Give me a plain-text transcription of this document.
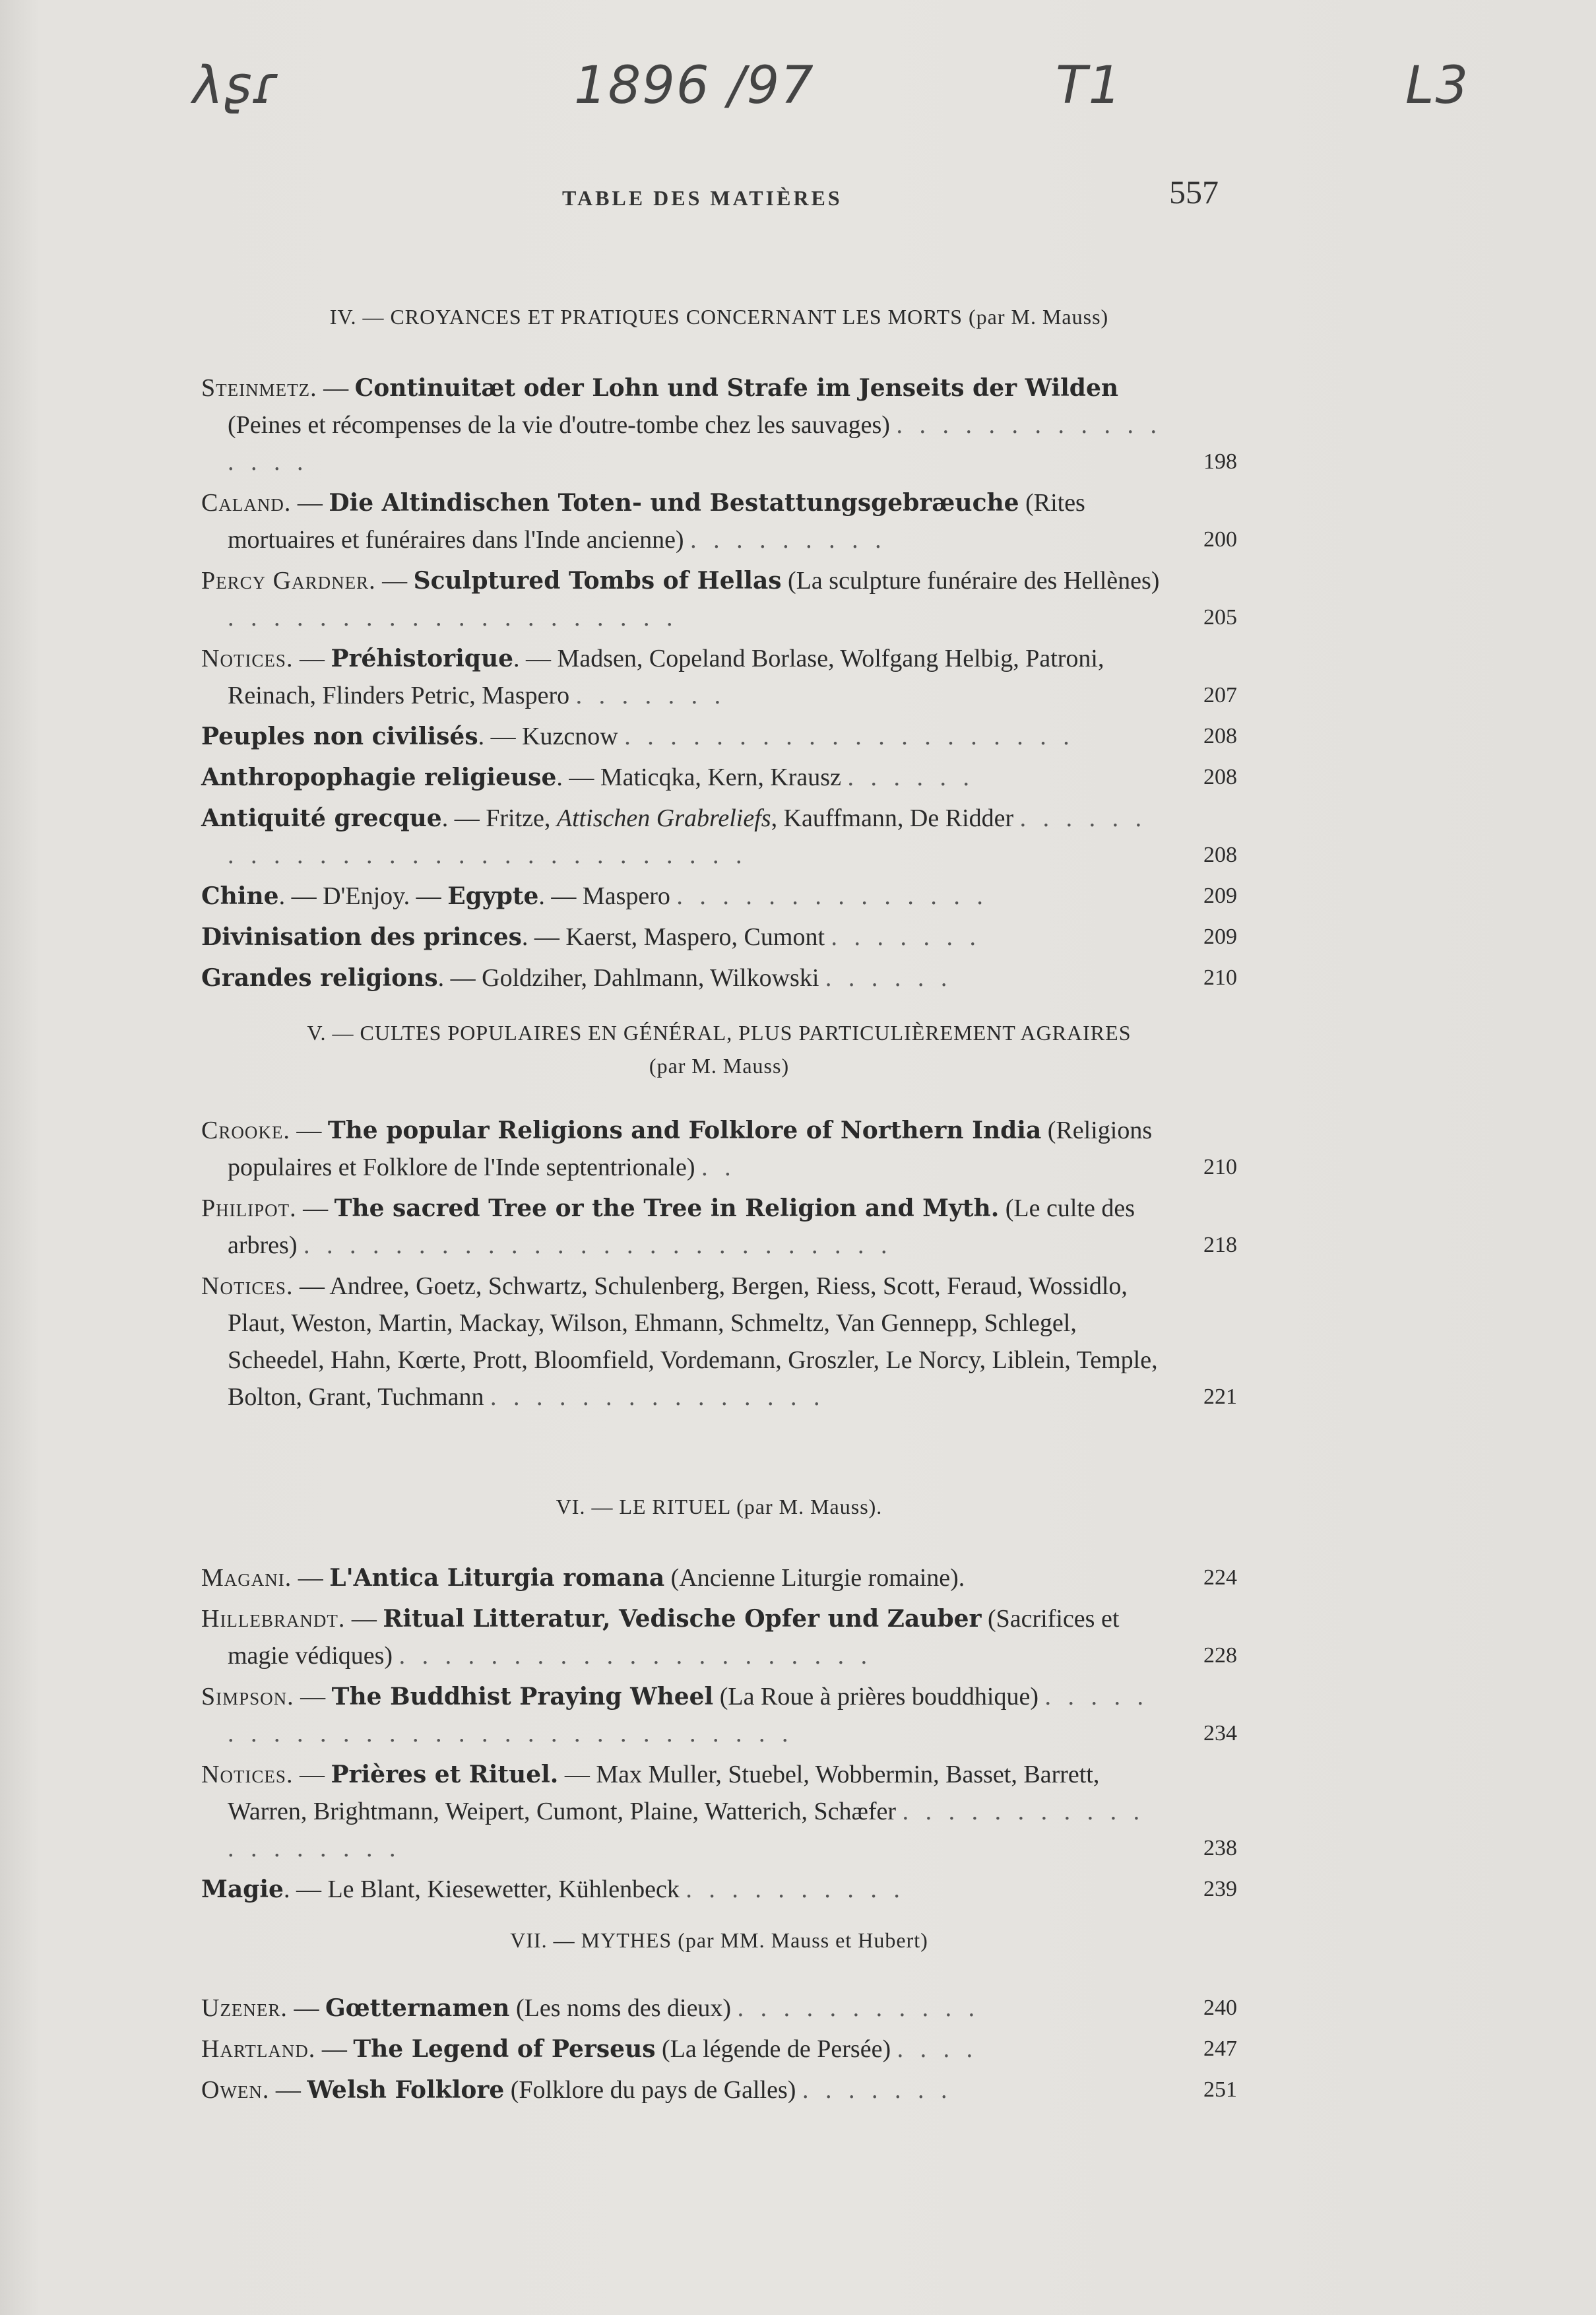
λʂɾ	1896 /97	T1	L3
TABLE DES MATIÈRES	557
IV. — CROYANCES ET PRATIQUES CONCERNANT LES MORTS (par M. Mauss)
Steinmetz. — Continuitæt oder Lohn und Strafe im Jenseits der Wilden (Peines et récompenses de la vie d'outre-tombe chez les sauvages) . . . . . . . . . . . . . . . .	198
Caland. — Die Altindischen Toten- und Bestattungsgebræuche (Rites mortuaires et funéraires dans l'Inde ancienne) . . . . . . . . .	200
Percy Gardner. — Sculptured Tombs of Hellas (La sculpture funéraire des Hellènes) . . . . . . . . . . . . . . . . . . . .	205
Notices. — Préhistorique. — Madsen, Copeland Borlase, Wolfgang Helbig, Patroni, Reinach, Flinders Petric, Maspero . . . . . . .	207
Peuples non civilisés. — Kuzcnow . . . . . . . . . . . . . . . . . . . .	208
Anthropophagie religieuse. — Maticqka, Kern, Krausz . . . . . .	208
Antiquité grecque. — Fritze, Attischen Grabreliefs, Kauffmann, De Ridder . . . . . . . . . . . . . . . . . . . . . . . . . . . . .	208
Chine. — D'Enjoy. — Egypte. — Maspero . . . . . . . . . . . . . .	209
Divinisation des princes. — Kaerst, Maspero, Cumont . . . . . . .	209
Grandes religions. — Goldziher, Dahlmann, Wilkowski . . . . . .	210
V. — CULTES POPULAIRES EN GÉNÉRAL, PLUS PARTICULIÈREMENT AGRAIRES
(par M. Mauss)
Crooke. — The popular Religions and Folklore of Northern India (Religions populaires et Folklore de l'Inde septentrionale) . .	210
Philipot. — The sacred Tree or the Tree in Religion and Myth. (Le culte des arbres) . . . . . . . . . . . . . . . . . . . . . . . . . .	218
Notices. — Andree, Goetz, Schwartz, Schulenberg, Bergen, Riess, Scott, Feraud, Wossidlo, Plaut, Weston, Martin, Mackay, Wilson, Ehmann, Schmeltz, Van Gennepp, Schlegel, Scheedel, Hahn, Kœrte, Prott, Bloomfield, Vordemann, Groszler, Le Norcy, Liblein, Temple, Bolton, Grant, Tuchmann . . . . . . . . . . . . . . .	221
VI. — LE RITUEL (par M. Mauss).
Magani. — L'Antica Liturgia romana (Ancienne Liturgie romaine).	224
Hillebrandt. — Ritual Litteratur, Vedische Opfer und Zauber (Sacrifices et magie védiques) . . . . . . . . . . . . . . . . . . . . .	228
Simpson. — The Buddhist Praying Wheel (La Roue à prières bouddhique) . . . . . . . . . . . . . . . . . . . . . . . . . . . . . .	234
Notices. — Prières et Rituel. — Max Muller, Stuebel, Wobbermin, Basset, Barrett, Warren, Brightmann, Weipert, Cumont, Plaine, Watterich, Schæfer . . . . . . . . . . . . . . . . . . .	238
Magie. — Le Blant, Kiesewetter, Kühlenbeck . . . . . . . . . .	239
VII. — MYTHES (par MM. Mauss et Hubert)
Uzener. — Gœtternamen (Les noms des dieux) . . . . . . . . . . .	240
Hartland. — The Legend of Perseus (La légende de Persée) . . . .	247
Owen. — Welsh Folklore (Folklore du pays de Galles) . . . . . . .	251
